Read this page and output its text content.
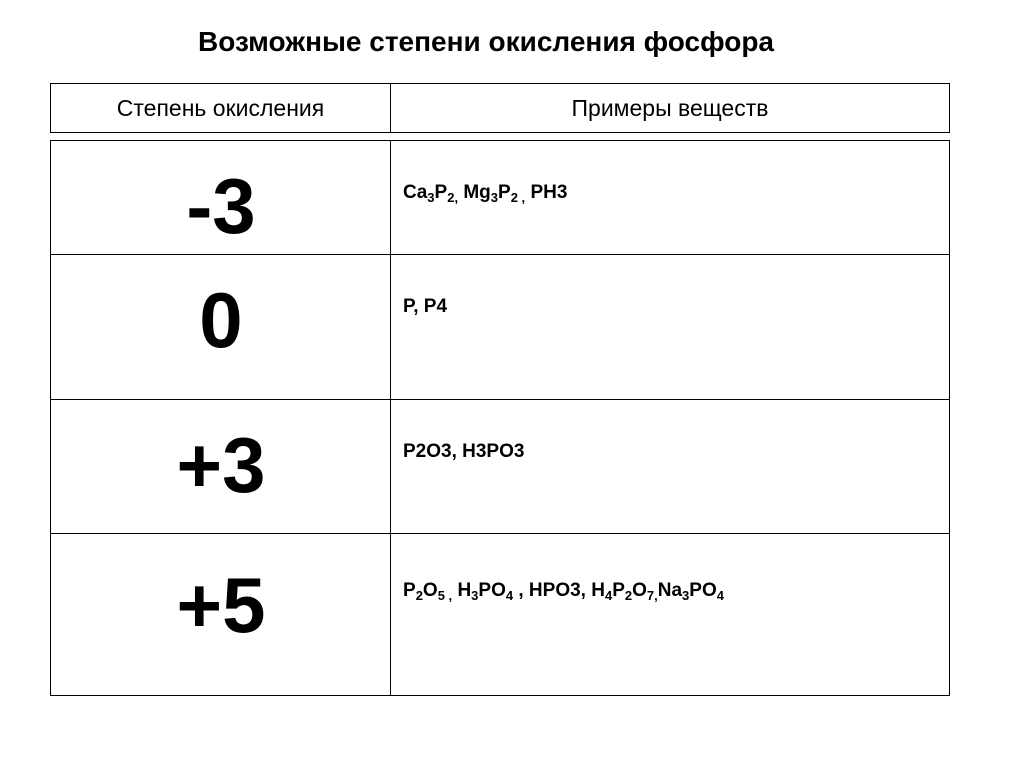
Возможные степени окисления фосфора
Степень окисления	Примеры веществ
-3	$Ca_3P_{2,}$ $Mg_3P_{2 ,}$ PH3
0	P, P4
+3	P2O3, H3PO3
+5	$P_2O_{5 ,}$ $H_3PO_4$ , HPO3, $H_4P_2O_{7,}Na_3PO_4$
